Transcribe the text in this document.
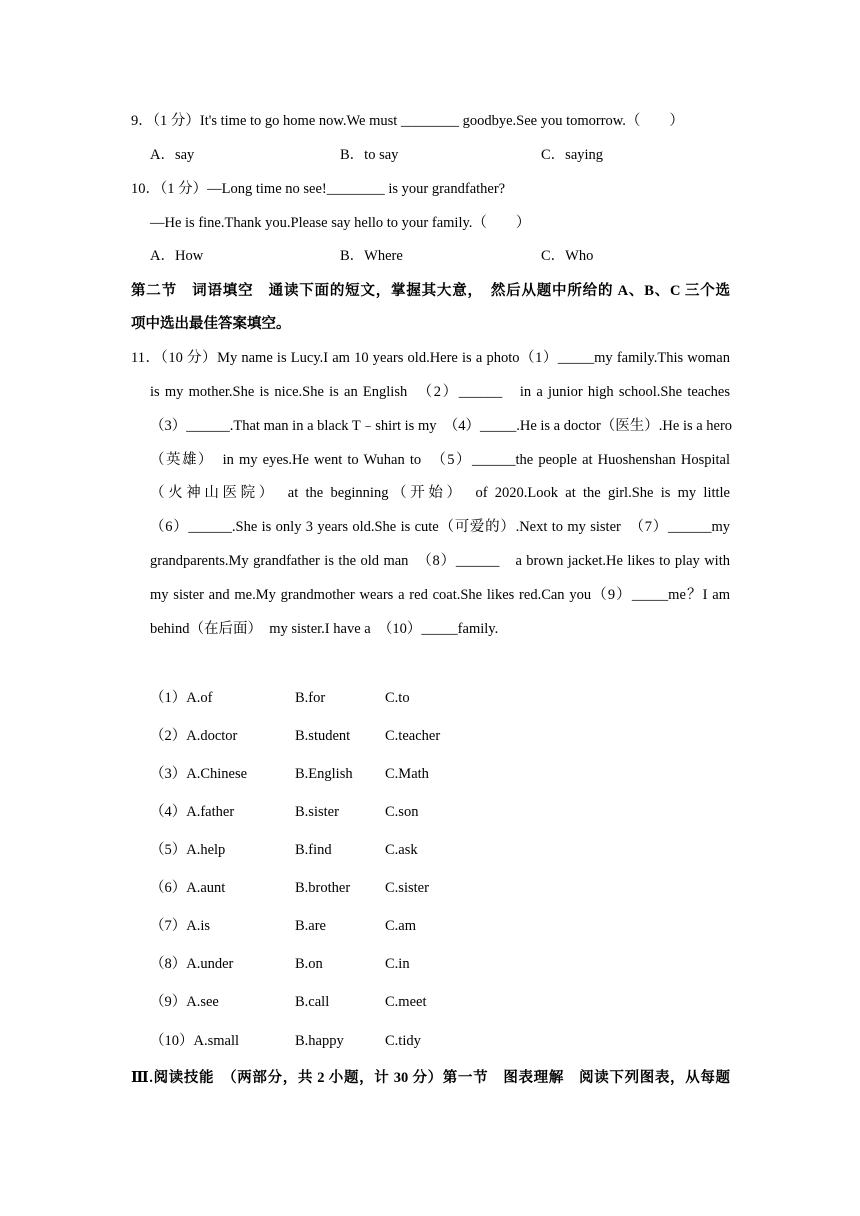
9．（1 分）It's time to go home now.We must ________ goodbye.See you tomorrow.（　　）
A．say	B．to say	C．saying
10．（1 分）—Long time no see!________ is your grandfather?
—He is fine.Thank you.Please say hello to your family.（　　）
A．How	B．Where	C．Who
第二节　词语填空　通读下面的短文，掌握其大意，　然后从题中所给的 A、B、C 三个选
项中选出最佳答案填空。
11．（10 分）My name is Lucy.I am 10 years old.Here is a photo（1）_____my family.This woman
is my mother.She is nice.She is an English　（2）______　in a junior high school.She teaches
（3）______.That man in a black T﹣shirt is my　（4）_____.He is a doctor（医生）.He is a hero
（英雄）　in my eyes.He went to Wuhan to　（5）______the people at Huoshenshan Hospital
（火神山医院）　at the beginning（开始）　of 2020.Look at the girl.She is my little
（6）______.She is only 3 years old.She is cute（可爱的）.Next to my sister　（7）______my
grandparents.My grandfather is the old man　（8）______　a brown jacket.He likes to play with
my sister and me.My grandmother wears a red coat.She likes red.Can you（9）_____me？I am
behind（在后面）　my sister.I have a　（10）_____family.
（1）A.of	B.for	C.to
（2）A.doctor	B.student C.teacher
（3）A.Chinese	B.English C.Math
（4）A.father	B.sister	C.son
（5）A.help	B.find	C.ask
（6）A.aunt	B.brother C.sister
（7）A.is	B.are	C.am
（8）A.under	B.on	C.in
（9）A.see	B.call	C.meet
（10）A.small	B.happy	C.tidy
Ⅲ.阅读技能　（两部分，共 2 小题，计 30 分）第一节　图表理解　阅读下列图表，从每题
